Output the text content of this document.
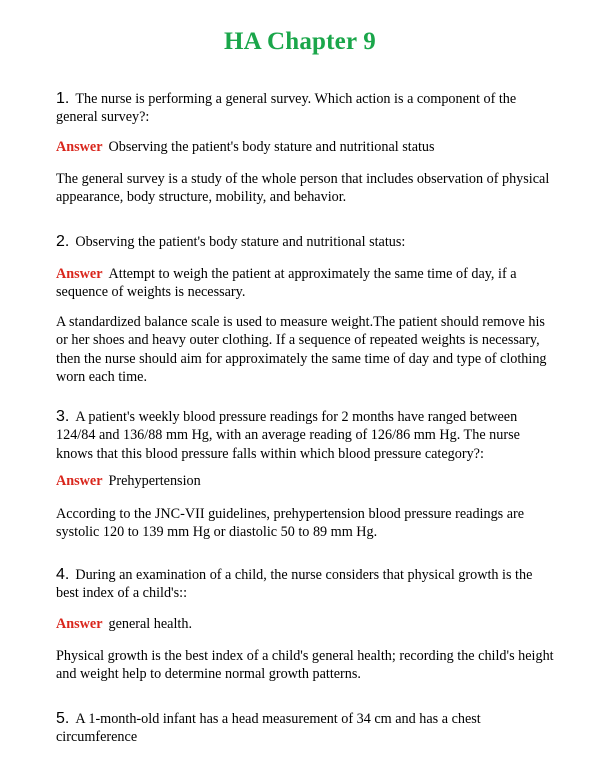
HA Chapter 9
1. The nurse is performing a general survey. Which action is a component of the general survey?:
Answer Observing the patient's body stature and nutritional status
The general survey is a study of the whole person that includes observation of physical appearance, body structure, mobility, and behavior.
2. Observing the patient's body stature and nutritional status:
Answer Attempt to weigh the patient at approximately the same time of day, if a sequence of weights is necessary.
A standardized balance scale is used to measure weight.The patient should remove his or her shoes and heavy outer clothing. If a sequence of repeated weights is necessary, then the nurse should aim for approximately the same time of day and type of clothing worn each time.
3. A patient's weekly blood pressure readings for 2 months have ranged between 124/84 and 136/88 mm Hg, with an average reading of 126/86 mm Hg. The nurse knows that this blood pressure falls within which blood pressure category?:
Answer Prehypertension
According to the JNC-VII guidelines, prehypertension blood pressure readings are systolic 120 to 139 mm Hg or diastolic 50 to 89 mm Hg.
4. During an examination of a child, the nurse considers that physical growth is the best index of a child's::
Answer general health.
Physical growth is the best index of a child's general health; recording the child's height and weight help to determine normal growth patterns.
5. A 1-month-old infant has a head measurement of 34 cm and has a chest circumference
